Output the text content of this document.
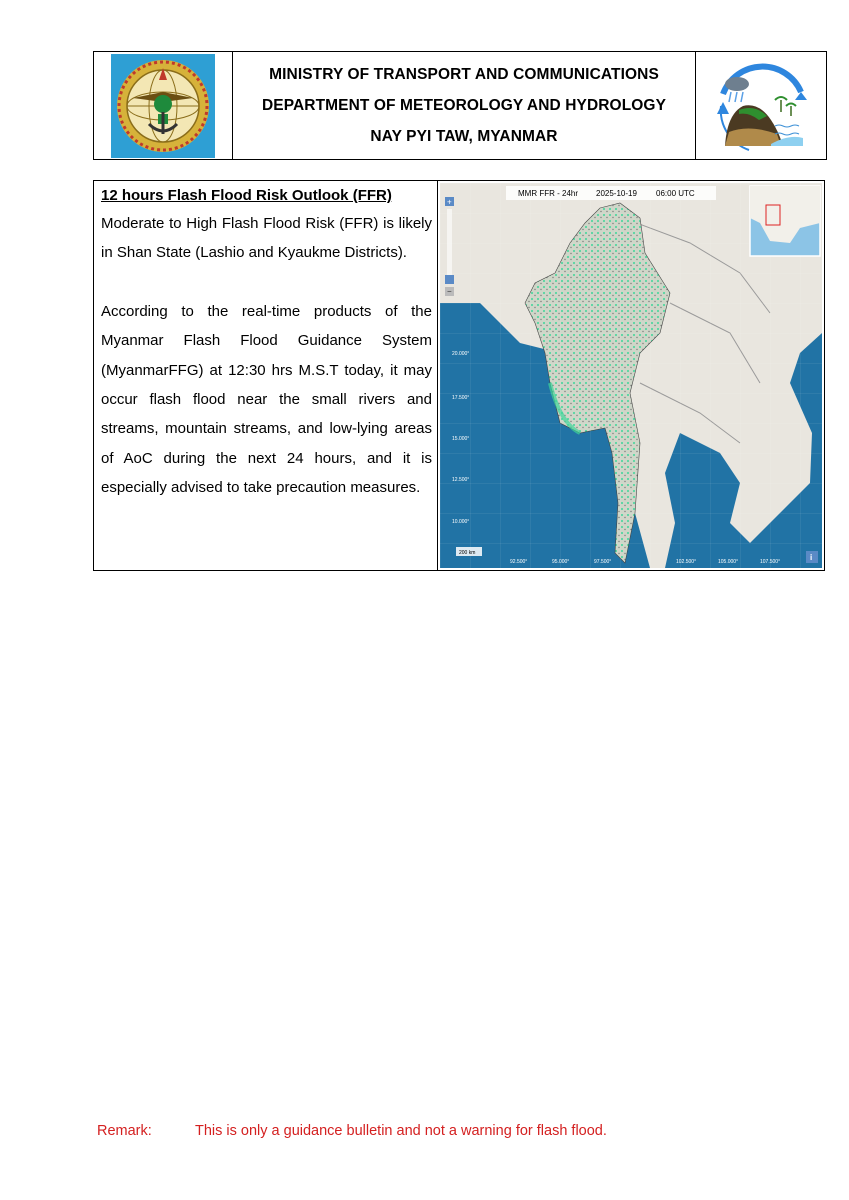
MINISTRY OF TRANSPORT AND COMMUNICATIONS
DEPARTMENT OF METEOROLOGY AND HYDROLOGY
NAY PYI TAW, MYANMAR
12 hours Flash Flood Risk Outlook (FFR)
Moderate to High Flash Flood Risk (FFR) is likely in Shan State (Lashio and Kyaukme Districts).
According to the real-time products of the Myanmar Flash Flood Guidance System (MyanmarFFG) at 12:30 hrs M.S.T today, it may occur flash flood near the small rivers and streams, mountain streams, and low-lying areas of AoC during the next 24 hours, and it is especially advised to take precaution measures.
MMR FFR - 24hr 2025-10-19 06:00 UTC
+
−
20.000°
17.500°
15.000°
12.500°
10.000°
92.500°	95.000°	97.500°	102.500°	105.000°	107.500°
200 km	i
Remark:	This is only a guidance bulletin and not a warning for flash flood.
